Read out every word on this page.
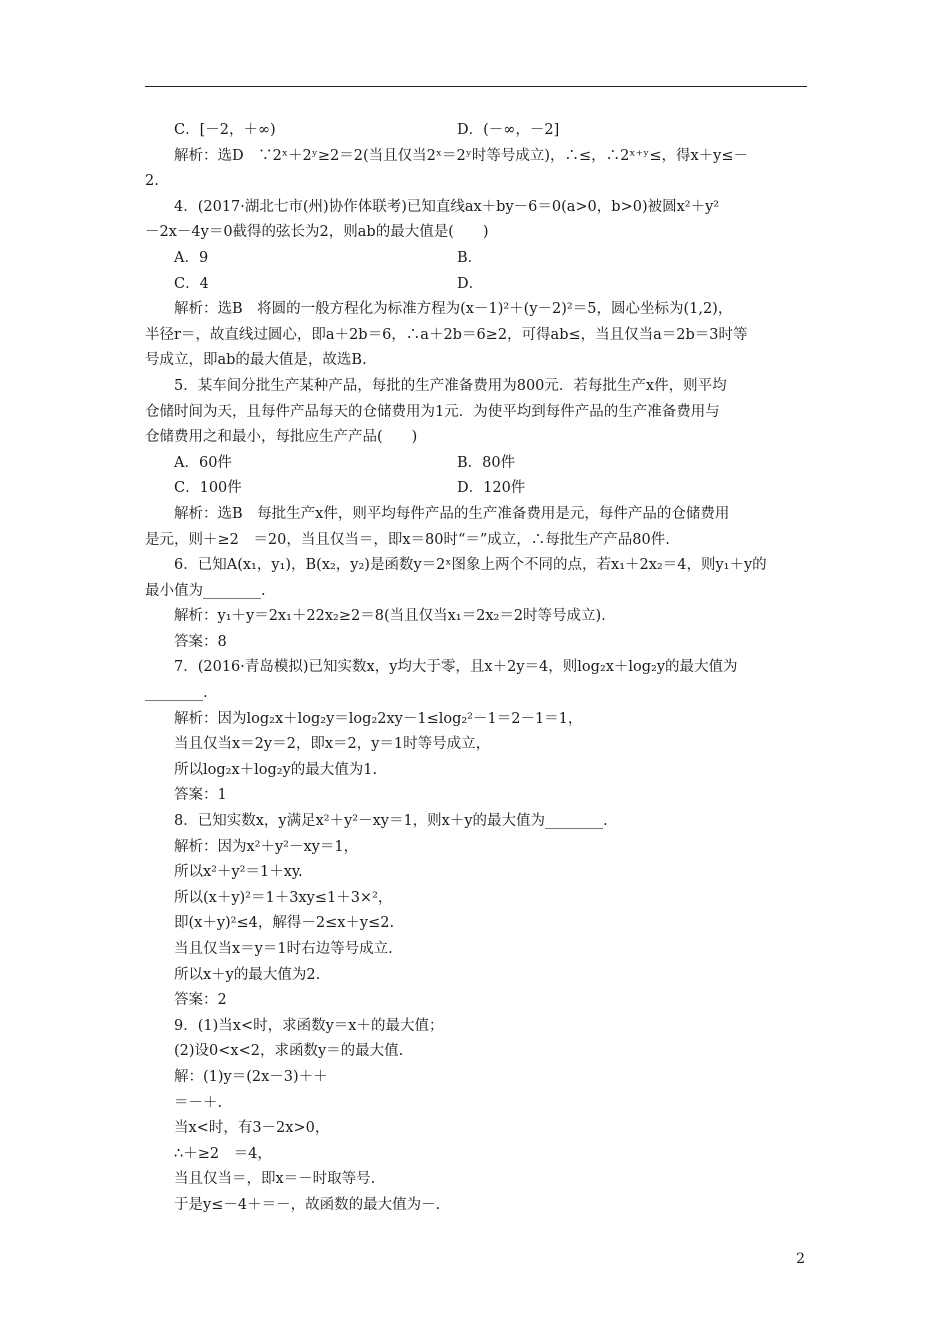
C．[－2，＋∞)	D．(－∞，－2]
解析：选D　∵2ˣ＋2ʸ≥2＝2(当且仅当2ˣ＝2ʸ时等号成立)，∴≤，∴2ˣ⁺ʸ≤，得x＋y≤－
2.
4．(2017·湖北七市(州)协作体联考)已知直线ax＋by－6＝0(a>0，b>0)被圆x²＋y²
－2x－4y＝0截得的弦长为2，则ab的最大值是(　　)
A．9	B．
C．4	D．
解析：选B　将圆的一般方程化为标准方程为(x－1)²＋(y－2)²＝5，圆心坐标为(1,2)，
半径r＝，故直线过圆心，即a＋2b＝6，∴a＋2b＝6≥2，可得ab≤，当且仅当a＝2b＝3时等
号成立，即ab的最大值是，故选B.
5．某车间分批生产某种产品，每批的生产准备费用为800元．若每批生产x件，则平均
仓储时间为天，且每件产品每天的仓储费用为1元．为使平均到每件产品的生产准备费用与
仓储费用之和最小，每批应生产产品(　　)
A．60件	B．80件
C．100件	D．120件
解析：选B　每批生产x件，则平均每件产品的生产准备费用是元，每件产品的仓储费用
是元，则＋≥2　＝20，当且仅当＝，即x＝80时“＝”成立，∴每批生产产品80件.
6．已知A(x₁，y₁)，B(x₂，y₂)是函数y＝2ˣ图象上两个不同的点，若x₁＋2x₂＝4，则y₁＋y的
最小值为________.
解析：y₁＋y＝2x₁＋22x₂≥2＝8(当且仅当x₁＝2x₂＝2时等号成立)．
答案：8
7．(2016·青岛模拟)已知实数x，y均大于零，且x＋2y＝4，则log₂x＋log₂y的最大值为
________.
解析：因为log₂x＋log₂y＝log₂2xy－1≤log₂²－1＝2－1＝1，
当且仅当x＝2y＝2，即x＝2，y＝1时等号成立，
所以log₂x＋log₂y的最大值为1.
答案：1
8．已知实数x，y满足x²＋y²－xy＝1，则x＋y的最大值为________.
解析：因为x²＋y²－xy＝1，
所以x²＋y²＝1＋xy.
所以(x＋y)²＝1＋3xy≤1＋3×²，
即(x＋y)²≤4，解得－2≤x＋y≤2.
当且仅当x＝y＝1时右边等号成立.
所以x＋y的最大值为2.
答案：2
9．(1)当x<时，求函数y＝x＋的最大值；
(2)设0<x<2，求函数y＝的最大值.
解：(1)y＝(2x－3)＋＋
＝－＋.
当x<时，有3－2x>0，
∴＋≥2　＝4，
当且仅当＝，即x＝－时取等号.
于是y≤－4＋＝－，故函数的最大值为－.
2
